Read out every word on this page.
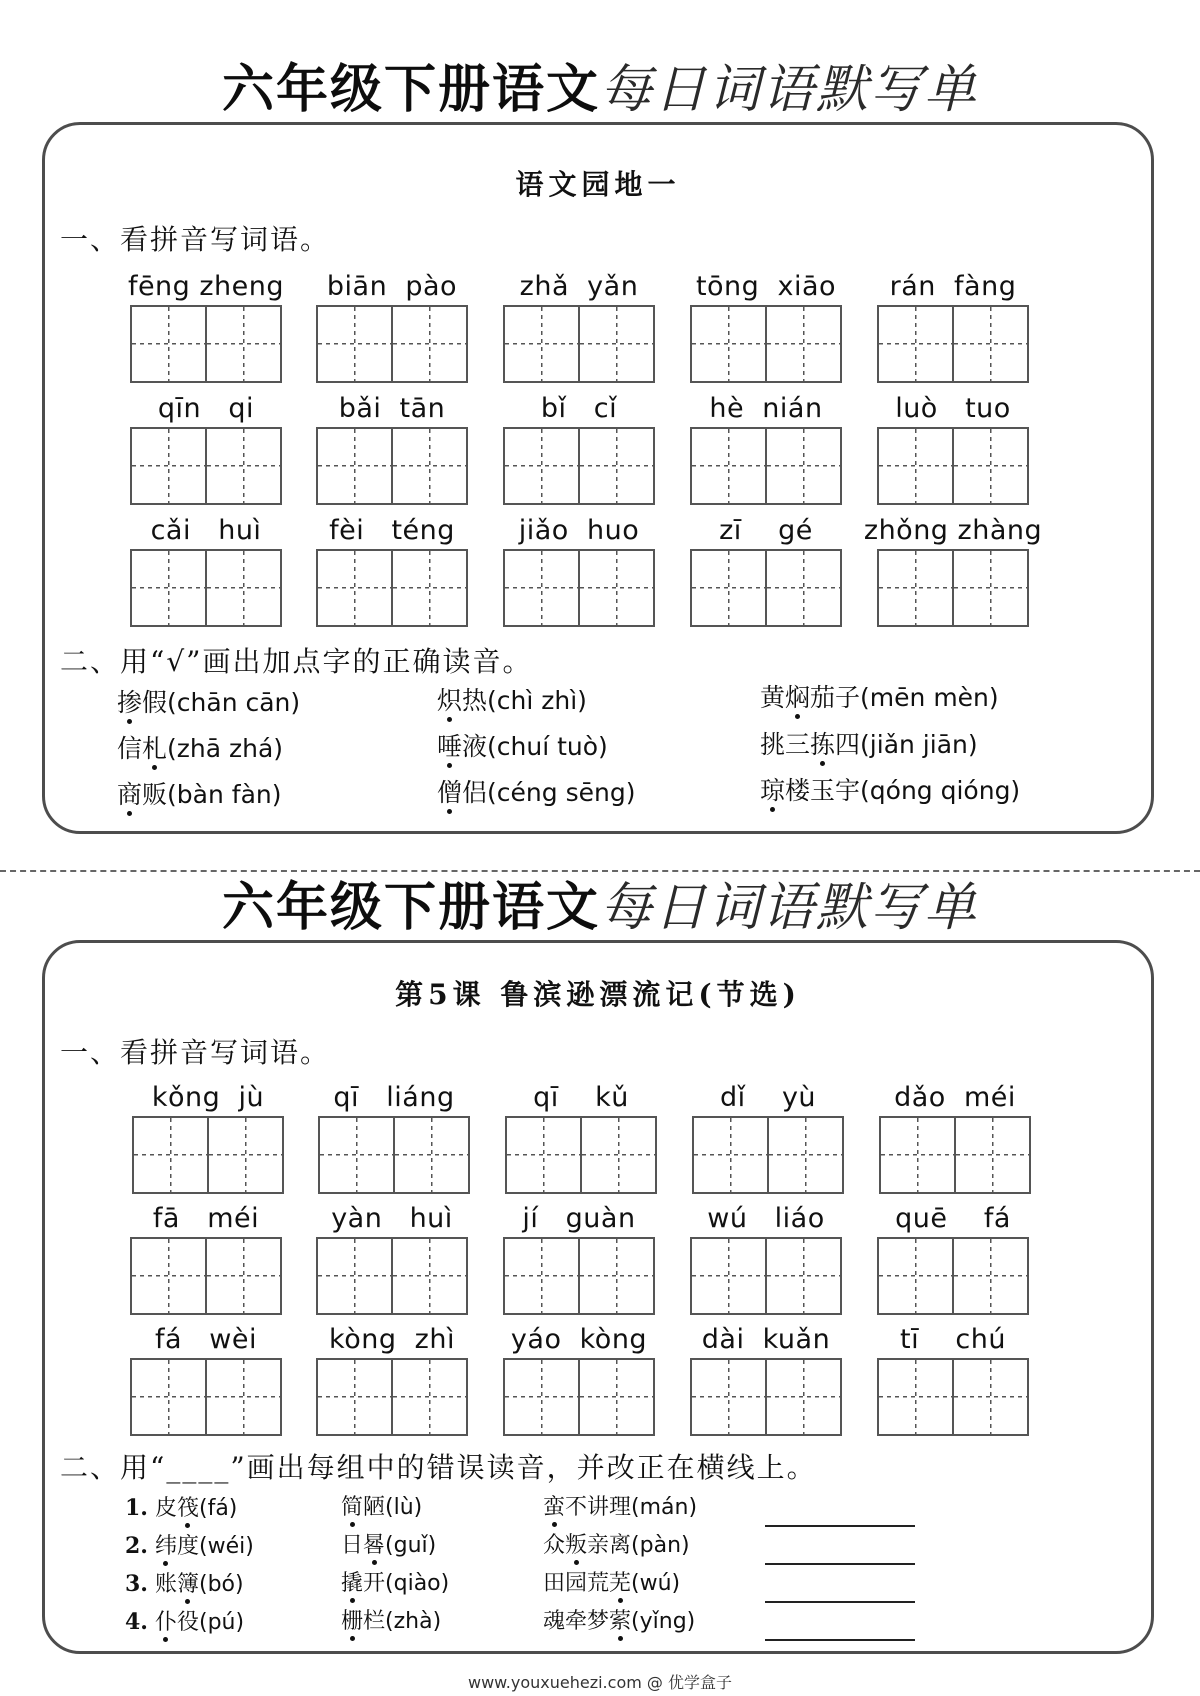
六年级下册语文每日词语默写单
语文园地一
一、看拼音写词语。
fēng zheng	biān  pào	zhǎ  yǎn	tōng  xiāo	rán  fàng
qīn   qi	bǎi  tān	bǐ   cǐ	hè  nián	luò   tuo
cǎi   huì	fèi   téng	jiǎo  huo	zī    gé	zhǒng zhàng
二、用“√”画出加点字的正确读音。
掺假(chān cān)	炽热(chì zhì)	黄焖茄子(mēn mèn)
信札(zhā zhá)	唾液(chuí tuò)	挑三拣四(jiǎn jiān)
商贩(bàn fàn)	僧侣(céng sēng)	琼楼玉宇(qóng qióng)
六年级下册语文每日词语默写单
第5课 鲁滨逊漂流记(节选)
一、看拼音写词语。
kǒng  jù	qī   liáng	qī    kǔ	dǐ    yù	dǎo  méi
fā   méi	yàn   huì	jí   guàn	wú   liáo	quē    fá
fá   wèi	kòng  zhì	yáo  kòng	dài  kuǎn	tī    chú
二、用“____”画出每组中的错误读音，并改正在横线上。
1. 皮筏(fá)	简陋(lù)	蛮不讲理(mán)
2. 纬度(wéi)	日晷(guǐ)	众叛亲离(pàn)
3. 账簿(bó)	撬开(qiào)	田园荒芜(wú)
4. 仆役(pú)	栅栏(zhà)	魂牵梦萦(yǐng)
www.youxuehezi.com @ 优学盒子
